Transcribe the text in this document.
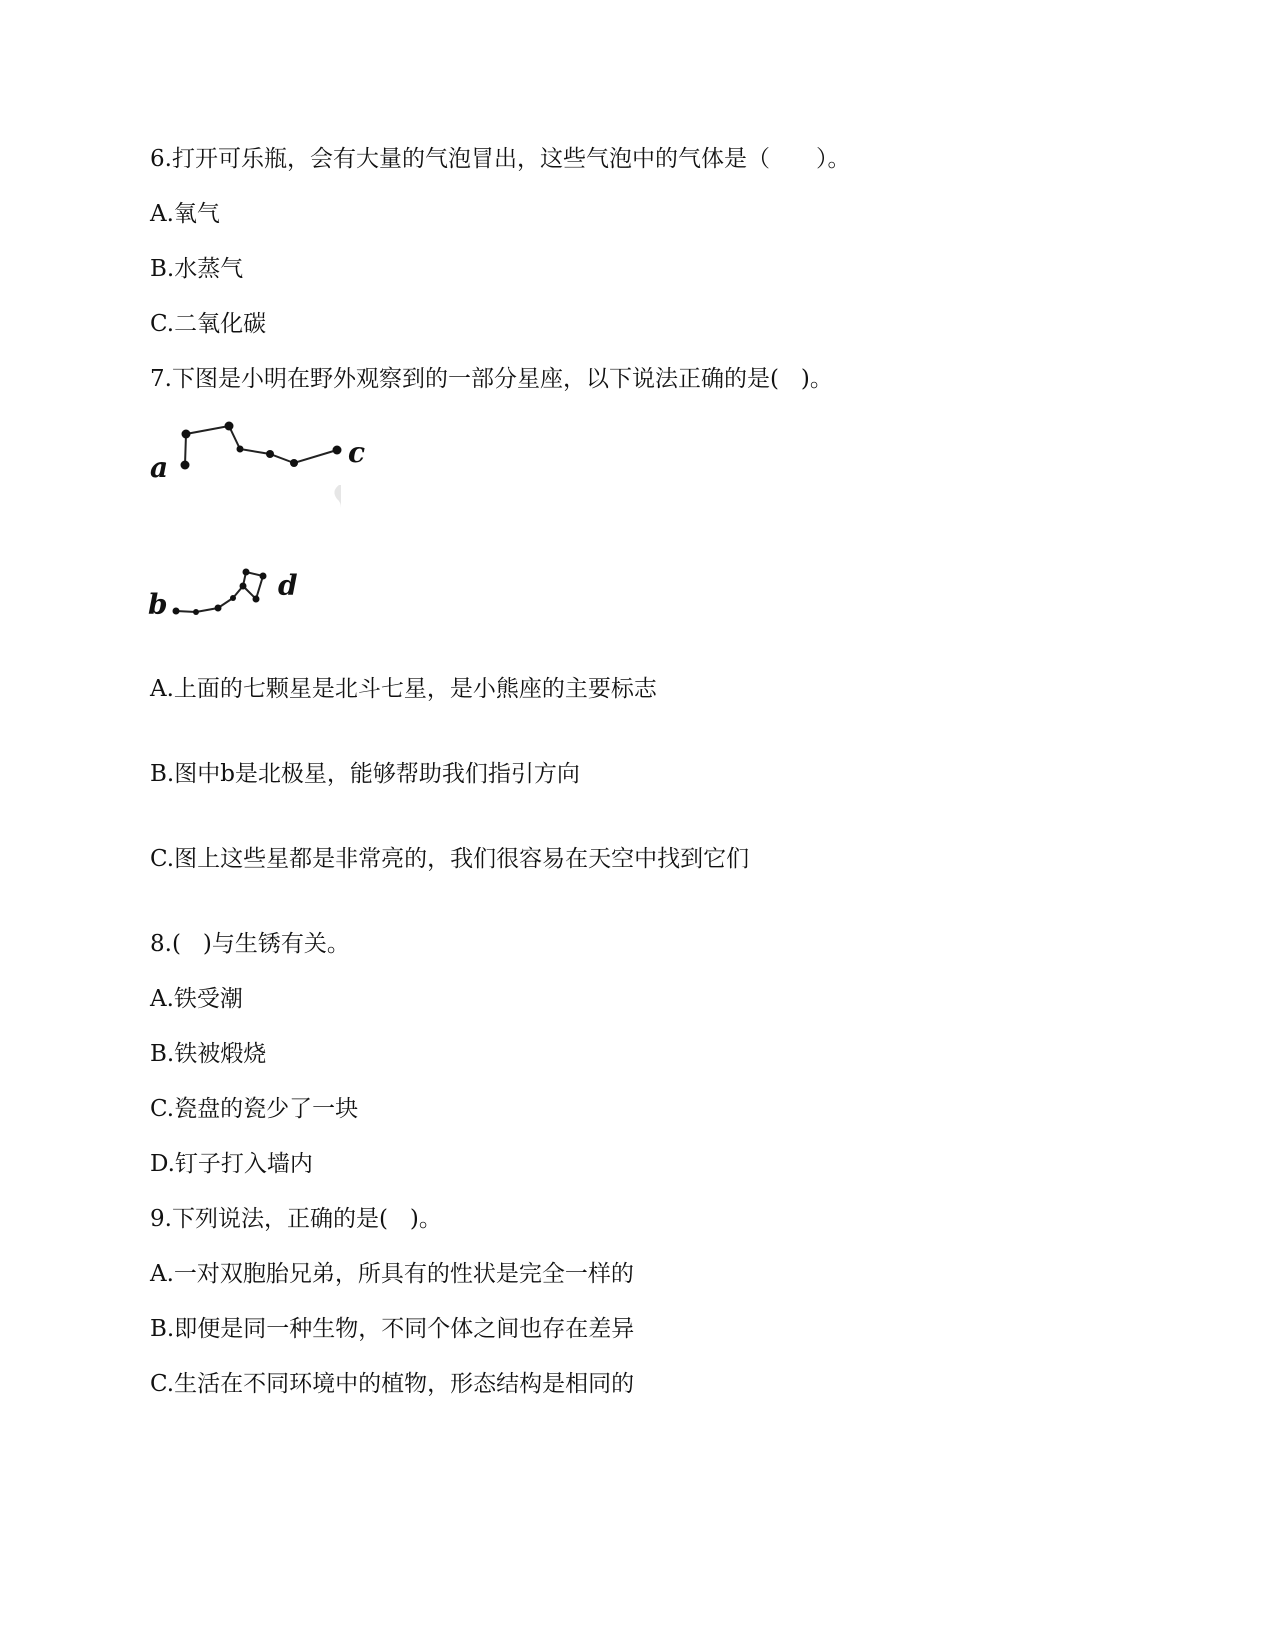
6.打开可乐瓶，会有大量的气泡冒出，这些气泡中的气体是（　　）。
A.氧气
B.水蒸气
C.二氧化碳
7.下图是小明在野外观察到的一部分星座，以下说法正确的是(   )。
a	c
b
d
A.上面的七颗星是北斗七星，是小熊座的主要标志
B.图中b是北极星，能够帮助我们指引方向
C.图上这些星都是非常亮的，我们很容易在天空中找到它们
8.(   )与生锈有关。
A.铁受潮
B.铁被煅烧
C.瓷盘的瓷少了一块
D.钉子打入墙内
9.下列说法，正确的是(   )。
A.一对双胞胎兄弟，所具有的性状是完全一样的
B.即便是同一种生物，不同个体之间也存在差异
C.生活在不同环境中的植物，形态结构是相同的
